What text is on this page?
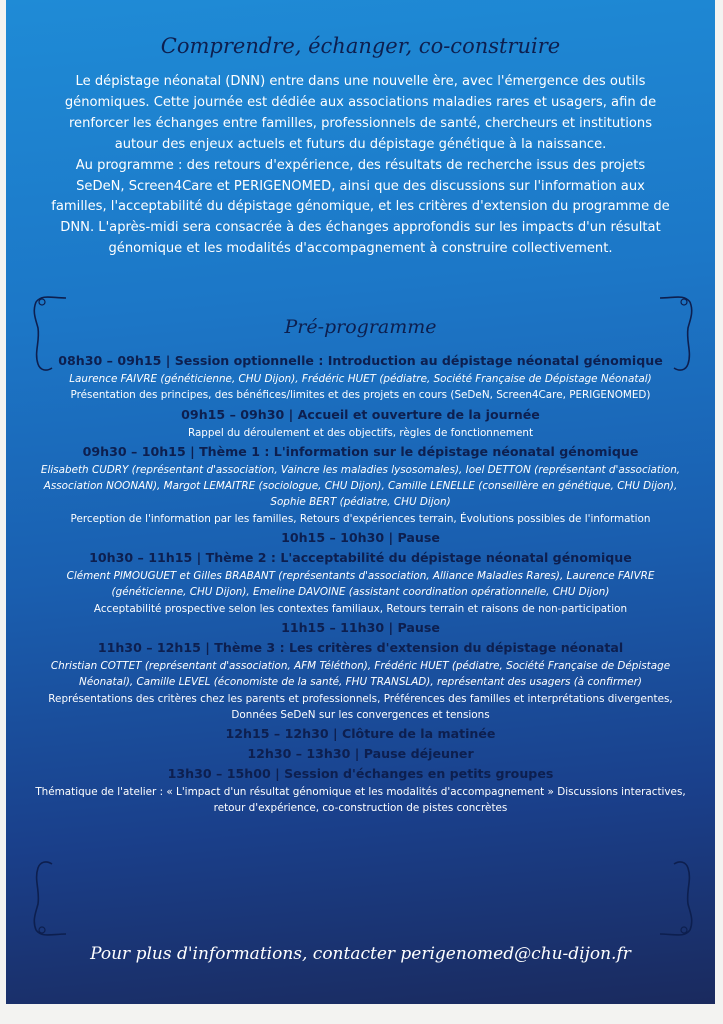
Comprendre, échanger, co-construire

Le dépistage néonatal (DNN) entre dans une nouvelle ère, avec l'émergence des outils génomiques. Cette journée est dédiée aux associations maladies rares et usagers, afin de renforcer les échanges entre familles, professionnels de santé, chercheurs et institutions autour des enjeux actuels et futurs du dépistage génétique à la naissance.

Au programme : des retours d'expérience, des résultats de recherche issus des projets SeDeN, Screen4Care et PERIGENOMED, ainsi que des discussions sur l'information aux familles, l'acceptabilité du dépistage génomique, et les critères d'extension du programme de DNN. L'après-midi sera consacrée à des échanges approfondis sur les impacts d'un résultat génomique et les modalités d'accompagnement à construire collectivement.

Pré-programme
08h30 – 09h15 | Session optionnelle : Introduction au dépistage néonatal génomique
Laurence FAIVRE (généticienne, CHU Dijon), Frédéric HUET (pédiatre, Société Française de Dépistage Néonatal)
Présentation des principes, des bénéfices/limites et des projets en cours (SeDeN, Screen4Care, PERIGENOMED)
09h15 – 09h30 | Accueil et ouverture de la journée
Rappel du déroulement et des objectifs, règles de fonctionnement
09h30 – 10h15 | Thème 1 : L'information sur le dépistage néonatal génomique
Elisabeth CUDRY (représentant d'association, Vaincre les maladies lysosomales), Ioel DETTON (représentant d'association, Association NOONAN), Margot LEMAITRE (sociologue, CHU Dijon), Camille LENELLE (conseillère en génétique, CHU Dijon), Sophie BERT (pédiatre, CHU Dijon)
Perception de l'information par les familles, Retours d'expériences terrain, Évolutions possibles de l'information
10h15 – 10h30 | Pause
10h30 – 11h15 | Thème 2 : L'acceptabilité du dépistage néonatal génomique
Clément PIMOUGUET et Gilles BRABANT (représentants d'association, Alliance Maladies Rares), Laurence FAIVRE (généticienne, CHU Dijon), Emeline DAVOINE (assistant coordination opérationnelle, CHU Dijon)
Acceptabilité prospective selon les contextes familiaux, Retours terrain et raisons de non-participation
11h15 – 11h30 | Pause
11h30 – 12h15 | Thème 3 : Les critères d'extension du dépistage néonatal
Christian COTTET (représentant d'association, AFM Téléthon), Frédéric HUET (pédiatre, Société Française de Dépistage Néonatal), Camille LEVEL (économiste de la santé, FHU TRANSLAD), représentant des usagers (à confirmer)
Représentations des critères chez les parents et professionnels, Préférences des familles et interprétations divergentes, Données SeDeN sur les convergences et tensions
12h15 – 12h30 | Clôture de la matinée
12h30 – 13h30 | Pause déjeuner
13h30 – 15h00 | Session d'échanges en petits groupes
Thématique de l'atelier : « L'impact d'un résultat génomique et les modalités d'accompagnement » Discussions interactives, retour d'expérience, co-construction de pistes concrètes
Pour plus d'informations, contacter perigenomed@chu-dijon.fr
